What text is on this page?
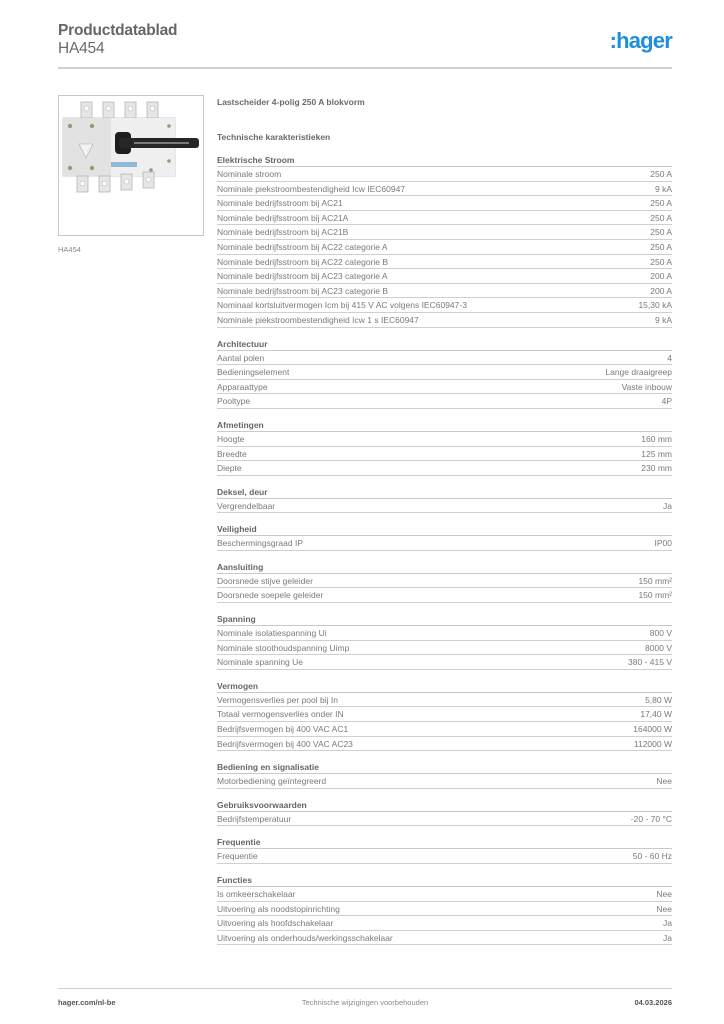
Productdatablad
HA454	:hager
HA454
Lastscheider 4-polig 250 A blokvorm
Technische karakteristieken
Elektrische Stroom
Nominale stroom	250 A
Nominale piekstroombestendigheid Icw IEC60947	9 kA
Nominale bedrijfsstroom bij AC21	250 A
Nominale bedrijfsstroom bij AC21A	250 A
Nominale bedrijfsstroom bij AC21B	250 A
Nominale bedrijfsstroom bij AC22 categorie A	250 A
Nominale bedrijfsstroom bij AC22 categorie B	250 A
Nominale bedrijfsstroom bij AC23 categorie A	200 A
Nominale bedrijfsstroom bij AC23 categorie B	200 A
Nominaal kortsluitvermogen Icm bij 415 V AC volgens IEC60947-3	15,30 kA
Nominale piekstroombestendigheid Icw 1 s IEC60947	9 kA
Architectuur
Aantal polen	4
Bedieningselement	Lange draaigreep
Apparaattype	Vaste inbouw
Pooltype	4P
Afmetingen
Hoogte	160 mm
Breedte	125 mm
Diepte	230 mm
Deksel, deur
Vergrendelbaar	Ja
Veiligheid
Beschermingsgraad IP	IP00
Aansluiting
Doorsnede stijve geleider	150 mm²
Doorsnede soepele geleider	150 mm²
Spanning
Nominale isolatiespanning Ui	800 V
Nominale stoothoudspanning Uimp	8000 V
Nominale spanning Ue	380 - 415 V
Vermogen
Vermogensverlies per pool bij In	5,80 W
Totaal vermogensverlies onder IN	17,40 W
Bedrijfsvermogen bij 400 VAC AC1	164000 W
Bedrijfsvermogen bij 400 VAC AC23	112000 W
Bediening en signalisatie
Motorbediening geïntegreerd	Nee
Gebruiksvoorwaarden
Bedrijfstemperatuur	-20 - 70 °C
Frequentie
Frequentie	50 - 60 Hz
Functies
Is omkeerschakelaar	Nee
Uitvoering als noodstopinrichting	Nee
Uitvoering als hoofdschakelaar	Ja
Uitvoering als onderhouds/werkingsschakelaar	Ja
hager.com/nl-be	Technische wijzigingen voorbehouden	04.03.2026
